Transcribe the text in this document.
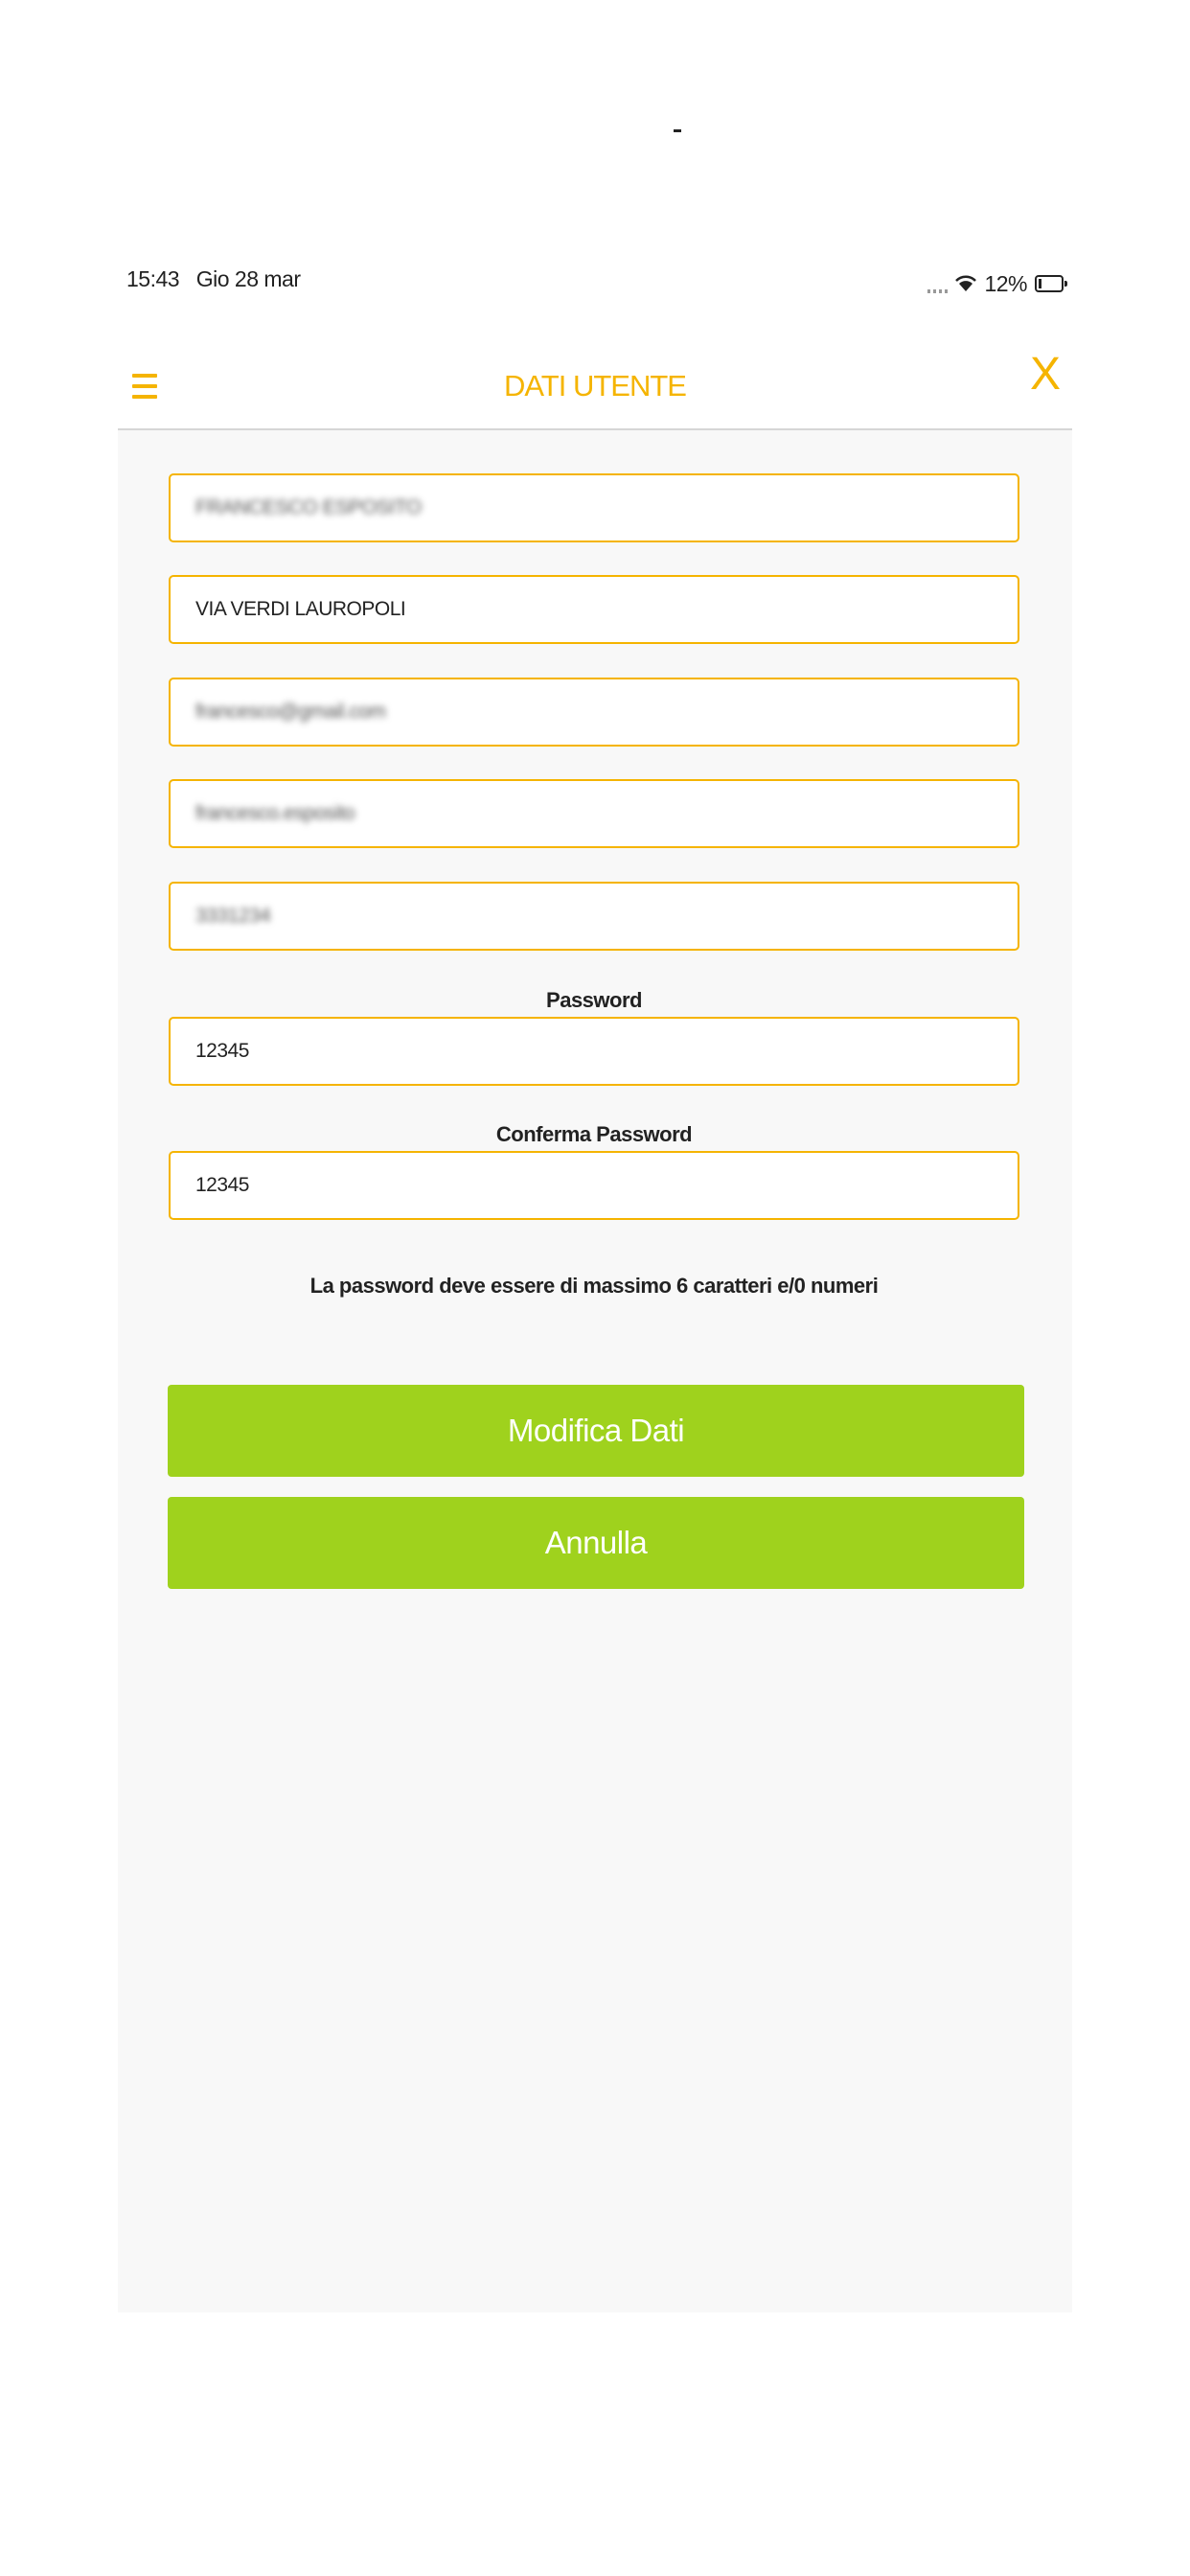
15:43   Gio 28 mar	12%
DATI UTENTE	X
FRANCESCO ESPOSITO
VIA VERDI LAUROPOLI
francesco@gmail.com
francesco.esposito
3331234
Password
12345
Conferma Password
12345
La password deve essere di massimo 6 caratteri e/0 numeri
Modifica Dati
Annulla
